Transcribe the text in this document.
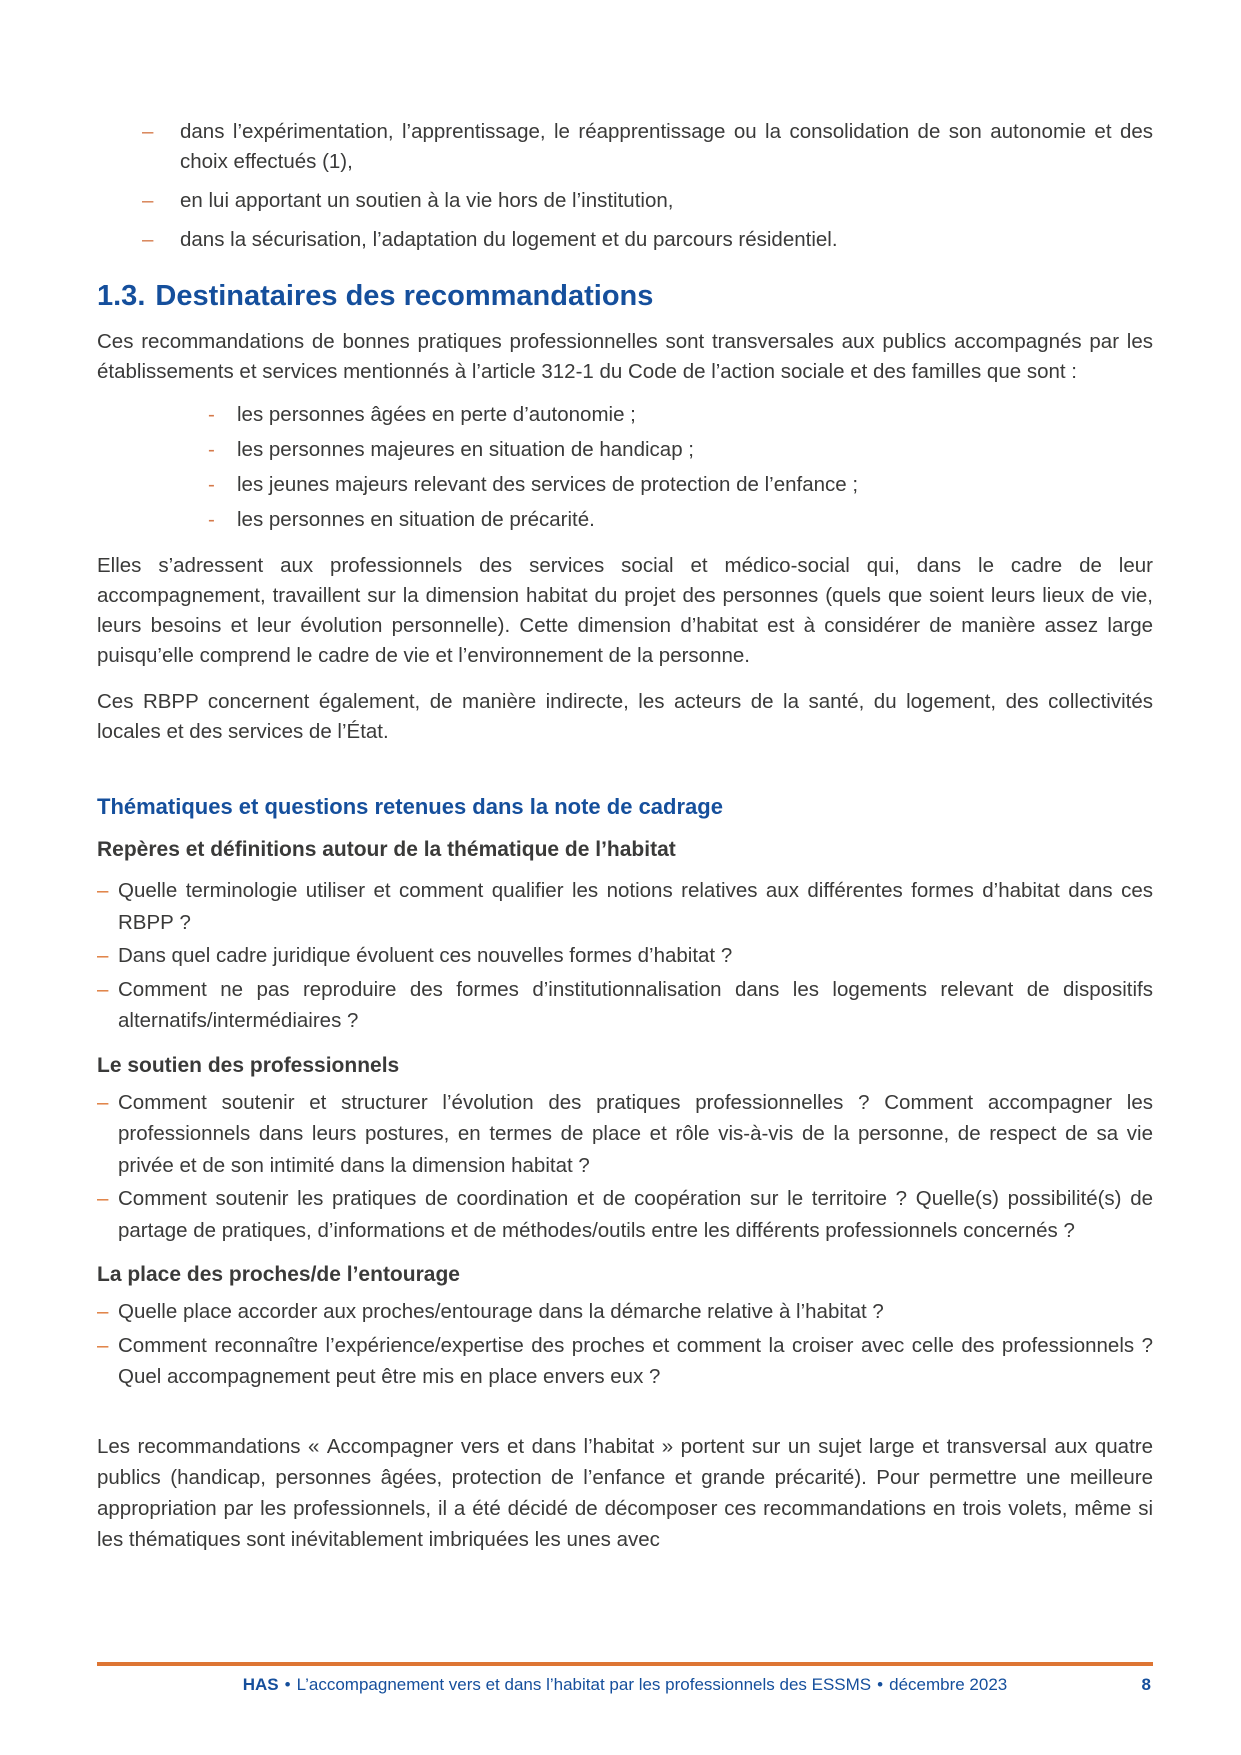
– dans l’expérimentation, l’apprentissage, le réapprentissage ou la consolidation de son autonomie et des choix effectués (1),
– en lui apportant un soutien à la vie hors de l’institution,
– dans la sécurisation, l’adaptation du logement et du parcours résidentiel.
1.3. Destinataires des recommandations

Ces recommandations de bonnes pratiques professionnelles sont transversales aux publics accompagnés par les établissements et services mentionnés à l’article 312-1 du Code de l’action sociale et des familles que sont :

- les personnes âgées en perte d’autonomie ;
- les personnes majeures en situation de handicap ;
- les jeunes majeurs relevant des services de protection de l’enfance ;
- les personnes en situation de précarité.

Elles s’adressent aux professionnels des services social et médico-social qui, dans le cadre de leur accompagnement, travaillent sur la dimension habitat du projet des personnes (quels que soient leurs lieux de vie, leurs besoins et leur évolution personnelle). Cette dimension d’habitat est à considérer de manière assez large puisqu’elle comprend le cadre de vie et l’environnement de la personne.

Ces RBPP concernent également, de manière indirecte, les acteurs de la santé, du logement, des collectivités locales et des services de l’État.

Thématiques et questions retenues dans la note de cadrage
Repères et définitions autour de la thématique de l’habitat
– Quelle terminologie utiliser et comment qualifier les notions relatives aux différentes formes d’habitat dans ces RBPP ?
– Dans quel cadre juridique évoluent ces nouvelles formes d’habitat ?
– Comment ne pas reproduire des formes d’institutionnalisation dans les logements relevant de dispositifs alternatifs/intermédiaires ?
Le soutien des professionnels
– Comment soutenir et structurer l’évolution des pratiques professionnelles ? Comment accompagner les professionnels dans leurs postures, en termes de place et rôle vis-à-vis de la personne, de respect de sa vie privée et de son intimité dans la dimension habitat ?
– Comment soutenir les pratiques de coordination et de coopération sur le territoire ? Quelle(s) possibilité(s) de partage de pratiques, d’informations et de méthodes/outils entre les différents professionnels concernés ?
La place des proches/de l’entourage
– Quelle place accorder aux proches/entourage dans la démarche relative à l’habitat ?
– Comment reconnaître l’expérience/expertise des proches et comment la croiser avec celle des professionnels ? Quel accompagnement peut être mis en place envers eux ?

Les recommandations « Accompagner vers et dans l’habitat » portent sur un sujet large et transversal aux quatre publics (handicap, personnes âgées, protection de l’enfance et grande précarité). Pour permettre une meilleure appropriation par les professionnels, il a été décidé de décomposer ces recommandations en trois volets, même si les thématiques sont inévitablement imbriquées les unes avec

HAS • L’accompagnement vers et dans l’habitat par les professionnels des ESSMS • décembre 2023	8
